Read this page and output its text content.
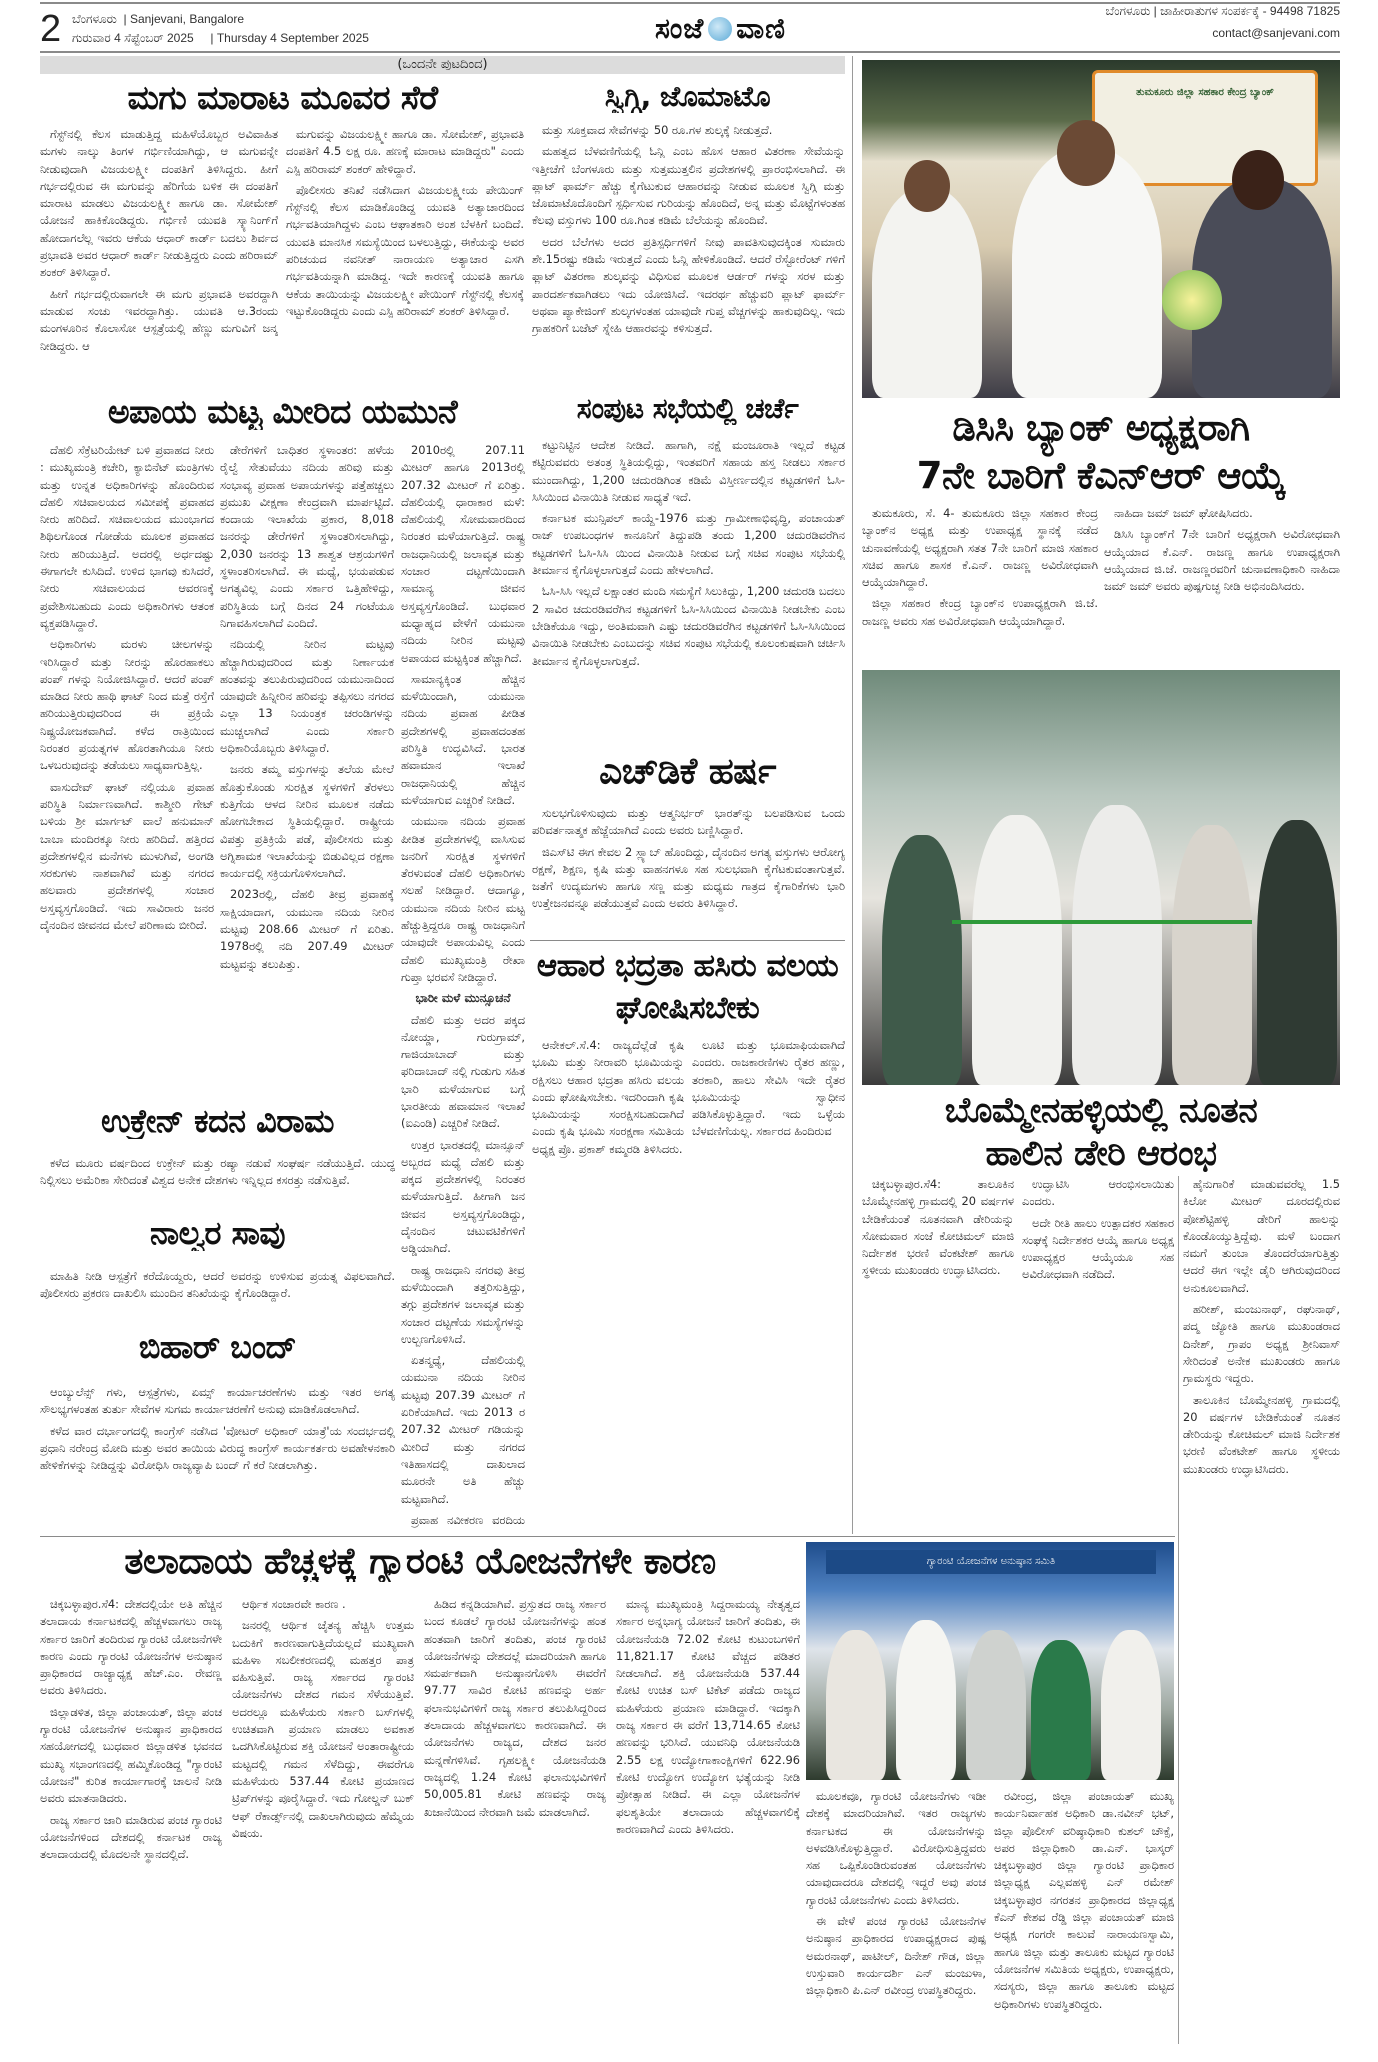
2 ಬೆಂಗಳೂರು | Sanjevani, Bangalore
ಗುರುವಾರ 4 ಸೆಪ್ಟೆಂಬರ್ 2025 | Thursday 4 September 2025	ಸಂಜೆ ವಾಣಿ
ಬೆಂಗಳೂರು | ಜಾಹೀರಾತುಗಳ ಸಂಪರ್ಕಕ್ಕೆ - 94498 71825
contact@sanjevani.com
(ಒಂದನೇ ಪುಟದಿಂದ)
ಮಗು ಮಾರಾಟ ಮೂವರ ಸೆರೆ

ಗೆಸ್ಟ್‌ನಲ್ಲಿ ಕೆಲಸ ಮಾಡುತ್ತಿದ್ದ ಮಹಿಳೆಯೊಬ್ಬರ ಅವಿವಾಹಿತ ಮಗಳು ನಾಲ್ಕು ತಿಂಗಳ ಗರ್ಭಿಣಿಯಾಗಿದ್ದು, ಆ ಮಗುವನ್ನೇ ನೀಡುವುದಾಗಿ ವಿಜಯಲಕ್ಷ್ಮೀ ದಂಪತಿಗೆ ತಿಳಿಸಿದ್ದರು. ಹೀಗೆ ಗರ್ಭದಲ್ಲಿರುವ ಈ ಮಗುವನ್ನು ಹೆರಿಗೆಯ ಬಳಿಕ ಈ ದಂಪತಿಗೆ ಮಾರಾಟ ಮಾಡಲು ವಿಜಯಲಕ್ಷ್ಮೀ ಹಾಗೂ ಡಾ. ಸೋಮೇಶ್ ಯೋಜನೆ ಹಾಕಿಕೊಂಡಿದ್ದರು. ಗರ್ಭಿಣಿ ಯುವತಿ ಸ್ಕ್ಯಾನಿಂಗ್‌ಗೆ ಹೋದಾಗಲೆಲ್ಲ ಇವರು ಆಕೆಯ ಆಧಾರ್ ಕಾರ್ಡ್ ಬದಲು ಶಿರ್ವದ ಪ್ರಭಾವತಿ ಅವರ ಆಧಾರ್ ಕಾರ್ಡ್ ನೀಡುತ್ತಿದ್ದರು ಎಂದು ಹರಿರಾಮ್ ಶಂಕರ್ ತಿಳಿಸಿದ್ದಾರೆ.

ಹೀಗೆ ಗರ್ಭದಲ್ಲಿರುವಾಗಲೇ ಈ ಮಗು ಪ್ರಭಾವತಿ ಅವರದ್ದಾಗಿ ಮಾಡುವ ಸಂಚು ಇವರದ್ದಾಗಿತ್ತು. ಯುವತಿ ಆ.3ರಂದು ಮಂಗಳೂರಿನ ಕೊಲಾಸೋ ಆಸ್ಪತ್ರೆಯಲ್ಲಿ ಹೆಣ್ಣು ಮಗುವಿಗೆ ಜನ್ಮ ನೀಡಿದ್ದರು. ಆ

ಮಗುವನ್ನು ವಿಜಯಲಕ್ಷ್ಮೀ ಹಾಗೂ ಡಾ. ಸೋಮೇಶ್, ಪ್ರಭಾವತಿ ದಂಪತಿಗೆ 4.5 ಲಕ್ಷ ರೂ. ಹಣಕ್ಕೆ ಮಾರಾಟ ಮಾಡಿದ್ದರು" ಎಂದು ಎಸ್ಪಿ ಹರಿರಾಮ್ ಶಂಕರ್ ಹೇಳಿದ್ದಾರೆ.

ಪೊಲೀಸರು ತನಿಖೆ ನಡೆಸಿದಾಗ ವಿಜಯಲಕ್ಷ್ಮೀಯ ಪೇಯಿಂಗ್ ಗೆಸ್ಟ್‌ನಲ್ಲಿ ಕೆಲಸ ಮಾಡಿಕೊಂಡಿದ್ದ ಯುವತಿ ಅತ್ಯಾಚಾರದಿಂದ ಗರ್ಭವತಿಯಾಗಿದ್ದಳು ಎಂಬ ಆಘಾತಕಾರಿ ಅಂಶ ಬೆಳಕಿಗೆ ಬಂದಿದೆ. ಯುವತಿ ಮಾನಸಿಕ ಸಮಸ್ಯೆಯಿಂದ ಬಳಲುತ್ತಿದ್ದು, ಈಕೆಯನ್ನು ಅವರ ಪರಿಚಯದ ನವನೀತ್ ನಾರಾಯಣ ಅತ್ಯಾಚಾರ ಎಸಗಿ ಗರ್ಭವತಿಯನ್ನಾಗಿ ಮಾಡಿದ್ದ. ಇದೇ ಕಾರಣಕ್ಕೆ ಯುವತಿ ಹಾಗೂ ಆಕೆಯ ತಾಯಿಯನ್ನು ವಿಜಯಲಕ್ಷ್ಮೀ ಪೇಯಿಂಗ್ ಗೆಸ್ಟ್‌ನಲ್ಲಿ ಕೆಲಸಕ್ಕೆ ಇಟ್ಟುಕೊಂಡಿದ್ದರು ಎಂದು ಎಸ್ಪಿ ಹರಿರಾಮ್ ಶಂಕರ್ ತಿಳಿಸಿದ್ದಾರೆ.

ಸ್ವಿಗ್ಗಿ, ಜೊಮಾಟೊ

ಮತ್ತು ಸೂಕ್ತವಾದ ಸೇವೆಗಳನ್ನು 50 ರೂ.ಗಳ ಶುಲ್ಕಕ್ಕೆ ನೀಡುತ್ತದೆ.

ಮಹತ್ವದ ಬೆಳವಣಿಗೆಯಲ್ಲಿ ಓನ್ಲಿ ಎಂಬ ಹೊಸ ಆಹಾರ ವಿತರಣಾ ಸೇವೆಯನ್ನು ಇತ್ತೀಚೆಗೆ ಬೆಂಗಳೂರು ಮತ್ತು ಸುತ್ತಮುತ್ತಲಿನ ಪ್ರದೇಶಗಳಲ್ಲಿ ಪ್ರಾರಂಭಿಸಲಾಗಿದೆ. ಈ ಪ್ಲಾಟ್ ಫಾರ್ಮ್ ಹೆಚ್ಚು ಕೈಗೆಟುಕುವ ಆಹಾರವನ್ನು ನೀಡುವ ಮೂಲಕ ಸ್ವಿಗ್ಗಿ ಮತ್ತು ಜೊಮಾಟೊದೊಂದಿಗೆ ಸ್ಪರ್ಧಿಸುವ ಗುರಿಯನ್ನು ಹೊಂದಿದೆ, ಅನ್ನ ಮತ್ತು ಮೊಟ್ಟೆಗಳಂತಹ ಕೆಲವು ವಸ್ತುಗಳು 100 ರೂ.ಗಿಂತ ಕಡಿಮೆ ಬೆಲೆಯನ್ನು ಹೊಂದಿವೆ.

ಅದರ ಬೆಲೆಗಳು ಅದರ ಪ್ರತಿಸ್ಪರ್ಧಿಗಳಿಗೆ ನೀವು ಪಾವತಿಸುವುದಕ್ಕಿಂತ ಸುಮಾರು ಶೇ.15ರಷ್ಟು ಕಡಿಮೆ ಇರುತ್ತದೆ ಎಂದು ಓನ್ಲಿ ಹೇಳಿಕೊಂಡಿದೆ. ಆದರೆ ರೆಸ್ಟೋರೆಂಟ್ ಗಳಿಗೆ ಫ್ಲಾಟ್ ವಿತರಣಾ ಶುಲ್ಕವನ್ನು ವಿಧಿಸುವ ಮೂಲಕ ಆರ್ಡರ್ ಗಳನ್ನು ಸರಳ ಮತ್ತು ಪಾರದರ್ಶಕವಾಗಿಡಲು ಇದು ಯೋಜಿಸಿದೆ. ಇದರರ್ಥ ಹೆಚ್ಚುವರಿ ಪ್ಲಾಟ್ ಫಾರ್ಮ್ ಅಥವಾ ಪ್ಯಾಕೇಜಿಂಗ್ ಶುಲ್ಕಗಳಂತಹ ಯಾವುದೇ ಗುಪ್ತ ವೆಚ್ಚಗಳನ್ನು ಹಾಕುವುದಿಲ್ಲ. ಇದು ಗ್ರಾಹಕರಿಗೆ ಬಜೆಟ್ ಸ್ನೇಹಿ ಆಹಾರವನ್ನು ಕಳಿಸುತ್ತದೆ.

ಅಪಾಯ ಮಟ್ಟ ಮೀರಿದ ಯಮುನೆ

ದೆಹಲಿ ಸೆಕ್ರೆಟರಿಯೇಟ್ ಬಳಿ ಪ್ರವಾಹದ ನೀರು : ಮುಖ್ಯಮಂತ್ರಿ ಕಚೇರಿ, ಕ್ಯಾಬಿನೆಟ್ ಮಂತ್ರಿಗಳು ಮತ್ತು ಉನ್ನತ ಅಧಿಕಾರಿಗಳನ್ನು ಹೊಂದಿರುವ ದೆಹಲಿ ಸಚಿವಾಲಯದ ಸಮೀಪಕ್ಕೆ ಪ್ರವಾಹದ ನೀರು ಹರಿದಿದೆ. ಸಚಿವಾಲಯದ ಮುಂಭಾಗದ ಶಿಥಿಲಗೊಂಡ ಗೋಡೆಯ ಮೂಲಕ ಪ್ರವಾಹದ ನೀರು ಹರಿಯುತ್ತಿದೆ. ಅದರಲ್ಲಿ ಅರ್ಧದಷ್ಟು ಈಗಾಗಲೇ ಕುಸಿದಿದೆ. ಉಳಿದ ಭಾಗವು ಕುಸಿದರೆ, ನೀರು ಸಚಿವಾಲಯದ ಆವರಣಕ್ಕೆ ಪ್ರವೇಶಿಸಬಹುದು ಎಂದು ಅಧಿಕಾರಿಗಳು ಆತಂಕ ವ್ಯಕ್ತಪಡಿಸಿದ್ದಾರೆ.

ಅಧಿಕಾರಿಗಳು ಮರಳು ಚೀಲಗಳನ್ನು ಇರಿಸಿದ್ದಾರೆ ಮತ್ತು ನೀರನ್ನು ಹೊರಹಾಕಲು ಪಂಪ್ ಗಳನ್ನು ನಿಯೋಜಿಸಿದ್ದಾರೆ. ಆದರೆ ಪಂಪ್ ಮಾಡಿದ ನೀರು ಹಾಥಿ ಘಾಟ್ ನಿಂದ ಮತ್ತೆ ರಸ್ತೆಗೆ ಹರಿಯುತ್ತಿರುವುದರಿಂದ ಈ ಪ್ರಕ್ರಿಯೆ ನಿಷ್ಪ್ರಯೋಜಕವಾಗಿದೆ. ಕಳೆದ ರಾತ್ರಿಯಿಂದ ನಿರಂತರ ಪ್ರಯತ್ನಗಳ ಹೊರತಾಗಿಯೂ ನೀರು ಒಳಬರುವುದನ್ನು ತಡೆಯಲು ಸಾಧ್ಯವಾಗುತ್ತಿಲ್ಲ.

ವಾಸುದೇವ್ ಘಾಟ್ ನಲ್ಲಿಯೂ ಪ್ರವಾಹ ಪರಿಸ್ಥಿತಿ ನಿರ್ಮಾಣವಾಗಿದೆ. ಕಾಶ್ಮೀರಿ ಗೇಟ್ ಬಳಿಯ ಶ್ರೀ ಮಾರ್ಗಟ್ ವಾಲೆ ಹನುಮಾನ್ ಬಾಬಾ ಮಂದಿರಕ್ಕೂ ನೀರು ಹರಿದಿದೆ. ಹತ್ತಿರದ ಪ್ರದೇಶಗಳಲ್ಲಿನ ಮನೆಗಳು ಮುಳುಗಿವೆ, ಅಂಗಡಿ ಸರಕುಗಳು ನಾಶವಾಗಿವೆ ಮತ್ತು ನಗರದ ಹಲವಾರು ಪ್ರದೇಶಗಳಲ್ಲಿ ಸಂಚಾರ ಅಸ್ತವ್ಯಸ್ತಗೊಂಡಿದೆ. ಇದು ಸಾವಿರಾರು ಜನರ ದೈನಂದಿನ ಜೀವನದ ಮೇಲೆ ಪರಿಣಾಮ ಬೀರಿದೆ.

ಡೇರೆಗಳಿಗೆ ಬಾಧಿತರ ಸ್ಥಳಾಂತರ: ಹಳೆಯ ರೈಲ್ವೆ ಸೇತುವೆಯು ನದಿಯ ಹರಿವು ಮತ್ತು ಸಂಭಾವ್ಯ ಪ್ರವಾಹ ಅಪಾಯಗಳನ್ನು ಪತ್ತೆಹಚ್ಚಲು ಪ್ರಮುಖ ವೀಕ್ಷಣಾ ಕೇಂದ್ರವಾಗಿ ಮಾರ್ಪಟ್ಟಿದೆ. ಕಂದಾಯ ಇಲಾಖೆಯ ಪ್ರಕಾರ, 8,018 ಜನರನ್ನು ಡೇರೆಗಳಿಗೆ ಸ್ಥಳಾಂತರಿಸಲಾಗಿದ್ದು, 2,030 ಜನರನ್ನು 13 ಶಾಶ್ವತ ಆಶ್ರಯಗಳಿಗೆ ಸ್ಥಳಾಂತರಿಸಲಾಗಿದೆ. ಈ ಮಧ್ಯೆ, ಭಯಪಡುವ ಅಗತ್ಯವಿಲ್ಲ ಎಂದು ಸರ್ಕಾರ ಒತ್ತಿಹೇಳಿದ್ದು, ಪರಿಸ್ಥಿತಿಯ ಬಗ್ಗೆ ದಿನದ 24 ಗಂಟೆಯೂ ನಿಗಾವಹಿಸಲಾಗಿದೆ ಎಂದಿದೆ.

ನದಿಯಲ್ಲಿ ನೀರಿನ ಮಟ್ಟವು ಹೆಚ್ಚಾಗಿರುವುದರಿಂದ ಮತ್ತು ನಿರ್ಣಾಯಕ ಹಂತವನ್ನು ತಲುಪಿರುವುದರಿಂದ ಯಮುನಾದಿಂದ ಯಾವುದೇ ಹಿನ್ನೀರಿನ ಹರಿವನ್ನು ತಪ್ಪಿಸಲು ನಗರದ ಎಲ್ಲಾ 13 ನಿಯಂತ್ರಕ ಚರಂಡಿಗಳನ್ನು ಮುಚ್ಚಲಾಗಿದೆ ಎಂದು ಸರ್ಕಾರಿ ಅಧಿಕಾರಿಯೊಬ್ಬರು ತಿಳಿಸಿದ್ದಾರೆ.

ಜನರು ತಮ್ಮ ವಸ್ತುಗಳನ್ನು ತಲೆಯ ಮೇಲೆ ಹೊತ್ತುಕೊಂಡು ಸುರಕ್ಷಿತ ಸ್ಥಳಗಳಿಗೆ ತೆರಳಲು ಕುತ್ತಿಗೆಯ ಆಳದ ನೀರಿನ ಮೂಲಕ ನಡೆದು ಹೋಗಬೇಕಾದ ಸ್ಥಿತಿಯಲ್ಲಿದ್ದಾರೆ. ರಾಷ್ಟ್ರೀಯ ವಿಪತ್ತು ಪ್ರತಿಕ್ರಿಯೆ ಪಡೆ, ಪೊಲೀಸರು ಮತ್ತು ಅಗ್ನಿಶಾಮಕ ಇಲಾಖೆಯನ್ನು ಬಿಡುವಿಲ್ಲದ ರಕ್ಷಣಾ ಕಾರ್ಯದಲ್ಲಿ ಸಕ್ರಿಯಗೊಳಿಸಲಾಗಿದೆ.

2023ರಲ್ಲಿ, ದೆಹಲಿ ತೀವ್ರ ಪ್ರವಾಹಕ್ಕೆ ಸಾಕ್ಷಿಯಾದಾಗ, ಯಮುನಾ ನದಿಯ ನೀರಿನ ಮಟ್ಟವು 208.66 ಮೀಟರ್ ಗೆ ಏರಿತು. 1978ರಲ್ಲಿ ನದಿ 207.49 ಮೀಟರ್ ಮಟ್ಟವನ್ನು ತಲುಪಿತ್ತು.

2010ರಲ್ಲಿ 207.11 ಮೀಟರ್ ಹಾಗೂ 2013ರಲ್ಲಿ 207.32 ಮೀಟರ್ ಗೆ ಏರಿತ್ತು. ದೆಹಲಿಯಲ್ಲಿ ಧಾರಾಕಾರ ಮಳೆ: ದೆಹಲಿಯಲ್ಲಿ ಸೋಮವಾರದಿಂದ ನಿರಂತರ ಮಳೆಯಾಗುತ್ತಿದೆ. ರಾಷ್ಟ್ರ ರಾಜಧಾನಿಯಲ್ಲಿ ಜಲಾವೃತ ಮತ್ತು ಸಂಚಾರ ದಟ್ಟಣೆಯಿಂದಾಗಿ ಸಾಮಾನ್ಯ ಜೀವನ ಅಸ್ತವ್ಯಸ್ತಗೊಂಡಿದೆ. ಬುಧವಾರ ಮಧ್ಯಾಹ್ನದ ವೇಳೆಗೆ ಯಮುನಾ ನದಿಯ ನೀರಿನ ಮಟ್ಟವು ಅಪಾಯದ ಮಟ್ಟಕ್ಕಿಂತ ಹೆಚ್ಚಾಗಿದೆ.

ಸಾಮಾನ್ಯಕ್ಕಿಂತ ಹೆಚ್ಚಿನ ಮಳೆಯಿಂದಾಗಿ, ಯಮುನಾ ನದಿಯ ಪ್ರವಾಹ ಪೀಡಿತ ಪ್ರದೇಶಗಳಲ್ಲಿ ಪ್ರವಾಹದಂತಹ ಪರಿಸ್ಥಿತಿ ಉದ್ಭವಿಸಿದೆ. ಭಾರತ ಹವಾಮಾನ ಇಲಾಖೆ ರಾಜಧಾನಿಯಲ್ಲಿ ಹೆಚ್ಚಿನ ಮಳೆಯಾಗುವ ಎಚ್ಚರಿಕೆ ನೀಡಿದೆ.

ಯಮುನಾ ನದಿಯ ಪ್ರವಾಹ ಪೀಡಿತ ಪ್ರದೇಶಗಳಲ್ಲಿ ವಾಸಿಸುವ ಜನರಿಗೆ ಸುರಕ್ಷಿತ ಸ್ಥಳಗಳಿಗೆ ತೆರಳುವಂತೆ ದೆಹಲಿ ಅಧಿಕಾರಿಗಳು ಸಲಹೆ ನೀಡಿದ್ದಾರೆ. ಆದಾಗ್ಯೂ, ಯಮುನಾ ನದಿಯ ನೀರಿನ ಮಟ್ಟ ಹೆಚ್ಚುತ್ತಿದ್ದರೂ ರಾಷ್ಟ್ರ ರಾಜಧಾನಿಗೆ ಯಾವುದೇ ಅಪಾಯವಿಲ್ಲ ಎಂದು ದೆಹಲಿ ಮುಖ್ಯಮಂತ್ರಿ ರೇಖಾ ಗುಪ್ತಾ ಭರವಸೆ ನೀಡಿದ್ದಾರೆ.

ಭಾರೀ ಮಳೆ ಮುನ್ಸೂಚನೆ

ದೆಹಲಿ ಮತ್ತು ಅದರ ಪಕ್ಕದ ನೋಯ್ಡಾ, ಗುರುಗ್ರಾಮ್, ಗಾಜಿಯಾಬಾದ್ ಮತ್ತು ಫರಿದಾಬಾದ್ ನಲ್ಲಿ ಗುಡುಗು ಸಹಿತ ಭಾರಿ ಮಳೆಯಾಗುವ ಬಗ್ಗೆ ಭಾರತೀಯ ಹವಾಮಾನ ಇಲಾಖೆ (ಐಎಂಡಿ) ಎಚ್ಚರಿಕೆ ನೀಡಿದೆ.

ಉತ್ತರ ಭಾರತದಲ್ಲಿ ಮಾನ್ಸೂನ್ ಅಬ್ಬರದ ಮಧ್ಯೆ ದೆಹಲಿ ಮತ್ತು ಪಕ್ಕದ ಪ್ರದೇಶಗಳಲ್ಲಿ ನಿರಂತರ ಮಳೆಯಾಗುತ್ತಿದೆ. ಹೀಗಾಗಿ ಜನ ಜೀವನ ಅಸ್ತವ್ಯಸ್ತಗೊಂಡಿದ್ದು, ದೈನಂದಿನ ಚಟುವಟಿಕೆಗಳಿಗೆ ಅಡ್ಡಿಯಾಗಿದೆ.

ರಾಷ್ಟ್ರ ರಾಜಧಾನಿ ನಗರವು ತೀವ್ರ ಮಳೆಯಿಂದಾಗಿ ತತ್ತರಿಸುತ್ತಿದ್ದು, ತಗ್ಗು ಪ್ರದೇಶಗಳ ಜಲಾವೃತ ಮತ್ತು ಸಂಚಾರ ದಟ್ಟಣೆಯ ಸಮಸ್ಯೆಗಳನ್ನು ಉಲ್ಬಣಗೊಳಿಸಿದೆ.

ಏತನ್ಮಧ್ಯೆ, ದೆಹಲಿಯಲ್ಲಿ ಯಮುನಾ ನದಿಯ ನೀರಿನ ಮಟ್ಟವು 207.39 ಮೀಟರ್ ಗೆ ಏರಿಕೆಯಾಗಿದೆ. ಇದು 2013 ರ 207.32 ಮೀಟರ್ ಗಡಿಯನ್ನು ಮೀರಿದೆ ಮತ್ತು ನಗರದ ಇತಿಹಾಸದಲ್ಲಿ ದಾಖಲಾದ ಮೂರನೇ ಅತಿ ಹೆಚ್ಚು ಮಟ್ಟವಾಗಿದೆ.

ಪ್ರವಾಹ ನವೀಕರಣ ವರದಿಯ

ಉಕ್ರೇನ್ ಕದನ ವಿರಾಮ

ಕಳೆದ ಮೂರು ವರ್ಷದಿಂದ ಉಕ್ರೇನ್ ಮತ್ತು ರಷ್ಯಾ ನಡುವೆ ಸಂಘರ್ಷ ನಡೆಯುತ್ತಿದೆ. ಯುದ್ಧ ನಿಲ್ಲಿಸಲು ಅಮೆರಿಕಾ ಸೇರಿದಂತೆ ವಿಶ್ವದ ಅನೇಕ ದೇಶಗಳು ಇನ್ನಿಲ್ಲದ ಕಸರತ್ತು ನಡೆಸುತ್ತಿವೆ.

ನಾಲ್ವರ ಸಾವು

ಮಾಹಿತಿ ನೀಡಿ ಆಸ್ಪತ್ರೆಗೆ ಕರೆದೊಯ್ದರು, ಆದರೆ ಅವರನ್ನು ಉಳಿಸುವ ಪ್ರಯತ್ನ ವಿಫಲವಾಗಿದೆ. ಪೊಲೀಸರು ಪ್ರಕರಣ ದಾಖಲಿಸಿ ಮುಂದಿನ ತನಿಖೆಯನ್ನು ಕೈಗೊಂಡಿದ್ದಾರೆ.

ಬಿಹಾರ್ ಬಂದ್

ಆಂಬ್ಯುಲೆನ್ಸ್ ಗಳು, ಆಸ್ಪತ್ರೆಗಳು, ಏಮ್ಸ್ ಕಾರ್ಯಾಚರಣೆಗಳು ಮತ್ತು ಇತರ ಅಗತ್ಯ ಸೌಲಭ್ಯಗಳಂತಹ ತುರ್ತು ಸೇವೆಗಳ ಸುಗಮ ಕಾರ್ಯಾಚರಣೆಗೆ ಅನುವು ಮಾಡಿಕೊಡಲಾಗಿದೆ.

ಕಳೆದ ವಾರ ದರ್ಭಾಂಗದಲ್ಲಿ ಕಾಂಗ್ರೆಸ್ ನಡೆಸಿದ 'ವೋಟರ್ ಅಧಿಕಾರ್ ಯಾತ್ರೆ'ಯ ಸಂದರ್ಭದಲ್ಲಿ ಪ್ರಧಾನಿ ನರೇಂದ್ರ ಮೋದಿ ಮತ್ತು ಅವರ ತಾಯಿಯ ವಿರುದ್ಧ ಕಾಂಗ್ರೆಸ್ ಕಾರ್ಯಕರ್ತರು ಅವಹೇಳನಕಾರಿ ಹೇಳಿಕೆಗಳನ್ನು ನೀಡಿದ್ದನ್ನು ವಿರೋಧಿಸಿ ರಾಜ್ಯವ್ಯಾಪಿ ಬಂದ್ ಗೆ ಕರೆ ನೀಡಲಾಗಿತ್ತು.

ಸಂಪುಟ ಸಭೆಯಲ್ಲಿ ಚರ್ಚೆ

ಕಟ್ಟುನಿಟ್ಟಿನ ಆದೇಶ ನೀಡಿದೆ. ಹಾಗಾಗಿ, ನಕ್ಷೆ ಮಂಜೂರಾತಿ ಇಲ್ಲದೆ ಕಟ್ಟಡ ಕಟ್ಟಿರುವವರು ಅತಂತ್ರ ಸ್ಥಿತಿಯಲ್ಲಿದ್ದು, ಇಂತವರಿಗೆ ಸಹಾಯ ಹಸ್ತ ನೀಡಲು ಸರ್ಕಾರ ಮುಂದಾಗಿದ್ದು, 1,200 ಚದುರಡಿಗಿಂತ ಕಡಿಮೆ ವಿಸ್ತೀರ್ಣದಲ್ಲಿನ ಕಟ್ಟಡಗಳಿಗೆ ಓಸಿ-ಸಿಸಿಯಿಂದ ವಿನಾಯಿತಿ ನೀಡುವ ಸಾಧ್ಯತೆ ಇದೆ.

ಕರ್ನಾಟಕ ಮುನ್ಸಿಪಲ್ ಕಾಯ್ದೆ-1976 ಮತ್ತು ಗ್ರಾಮೀಣಾಭಿವೃದ್ಧಿ, ಪಂಚಾಯತ್ ರಾಜ್ ಉಪಬಂಧಗಳ ಕಾನೂನಿಗೆ ತಿದ್ದುಪಡಿ ತಂದು 1,200 ಚದುರಡಿವರೆಗಿನ ಕಟ್ಟಡಗಳಿಗೆ ಓಸಿ-ಸಿಸಿ ಯಿಂದ ವಿನಾಯಿತಿ ನೀಡುವ ಬಗ್ಗೆ ಸಚಿವ ಸಂಪುಟ ಸಭೆಯಲ್ಲಿ ತೀರ್ಮಾನ ಕೈಗೊಳ್ಳಲಾಗುತ್ತದೆ ಎಂದು ಹೇಳಲಾಗಿದೆ.

ಓಸಿ-ಸಿಸಿ ಇಲ್ಲದೆ ಲಕ್ಷಾಂತರ ಮಂದಿ ಸಮಸ್ಯೆಗೆ ಸಿಲುಕಿದ್ದು, 1,200 ಚದುರಡಿ ಬದಲು 2 ಸಾವಿರ ಚದುರಡಿವರೆಗಿನ ಕಟ್ಟಡಗಳಿಗೆ ಓಸಿ-ಸಿಸಿಯಿಂದ ವಿನಾಯಿತಿ ನೀಡಬೇಕು ಎಂಬ ಬೇಡಿಕೆಯೂ ಇದ್ದು, ಅಂತಿಮವಾಗಿ ಎಷ್ಟು ಚದುರಡಿವರೆಗಿನ ಕಟ್ಟಡಗಳಿಗೆ ಓಸಿ-ಸಿಸಿಯಿಂದ ವಿನಾಯಿತಿ ನೀಡಬೇಕು ಎಂಬುದನ್ನು ಸಚಿವ ಸಂಪುಟ ಸಭೆಯಲ್ಲಿ ಕೂಲಂಕುಷವಾಗಿ ಚರ್ಚಿಸಿ ತೀರ್ಮಾನ ಕೈಗೊಳ್ಳಲಾಗುತ್ತದೆ.

ಎಚ್‌ಡಿಕೆ ಹರ್ಷ

ಸುಲಭಗೊಳಿಸುವುದು ಮತ್ತು ಆತ್ಮನಿರ್ಭರ್ ಭಾರತ್‌ನ್ನು ಬಲಪಡಿಸುವ ಒಂದು ಪರಿವರ್ತನಾತ್ಮಕ ಹೆಜ್ಜೆಯಾಗಿದೆ ಎಂದು ಅವರು ಬಣ್ಣಿಸಿದ್ದಾರೆ.

ಜಿಎಸ್‌ಟಿ ಈಗ ಕೇವಲ 2 ಸ್ಲ್ಯಾಬ್ ಹೊಂದಿದ್ದು, ದೈನಂದಿನ ಅಗತ್ಯ ವಸ್ತುಗಳು ಆರೋಗ್ಯ ರಕ್ಷಣೆ, ಶಿಕ್ಷಣ, ಕೃಷಿ ಮತ್ತು ವಾಹನಗಳೂ ಸಹ ಸುಲಭವಾಗಿ ಕೈಗೆಟಕುವಂತಾಗುತ್ತವೆ. ಜತೆಗೆ ಉದ್ಯಮಗಳು ಹಾಗೂ ಸಣ್ಣ ಮತ್ತು ಮಧ್ಯಮ ಗಾತ್ರದ ಕೈಗಾರಿಕೆಗಳು ಭಾರಿ ಉತ್ತೇಜನವನ್ನೂ ಪಡೆಯುತ್ತವೆ ಎಂದು ಅವರು ತಿಳಿಸಿದ್ದಾರೆ.

ಆಹಾರ ಭದ್ರತಾ ಹಸಿರು ವಲಯ ಘೋಷಿಸಬೇಕು

ಆನೇಕಲ್.ಸೆ.4: ರಾಜ್ಯದೆಲ್ಲೆಡೆ ಕೃಷಿ ಭೂಮಿ ಮತ್ತು ನೀರಾವರಿ ಭೂಮಿಯನ್ನು ರಕ್ಷಿಸಲು ಆಹಾರ ಭದ್ರತಾ ಹಸಿರು ವಲಯ ಎಂದು ಘೋಷಿಸಬೇಕು. ಇದರಿಂದಾಗಿ ಕೃಷಿ ಭೂಮಿಯನ್ನು ಸಂರಕ್ಷಿಸಬಹುದಾಗಿದೆ ಎಂದು ಕೃಷಿ ಭೂಮಿ ಸಂರಕ್ಷಣಾ ಸಮಿತಿಯ ಅಧ್ಯಕ್ಷ ಪ್ರೊ. ಪ್ರಕಾಶ್ ಕಮ್ಮರಡಿ ತಿಳಿಸಿದರು.

ಲೂಟಿ ಮತ್ತು ಭೂಮಾಫಿಯವಾಗಿದೆ ಎಂದರು. ರಾಜಕಾರಣಿಗಳು ರೈತರ ಹಣ್ಣು, ತರಕಾರಿ, ಹಾಲು ಸೇವಿಸಿ ಇದೇ ರೈತರ ಭೂಮಿಯನ್ನು ಸ್ವಾಧೀನ ಪಡಿಸಿಕೊಳ್ಳುತ್ತಿದ್ದಾರೆ. ಇದು ಒಳ್ಳೆಯ ಬೆಳವಣಿಗೆಯಲ್ಲ. ಸರ್ಕಾರದ ಹಿಂದಿರುವ

ತುಮಕೂರು ಜಿಲ್ಲಾ ಸಹಕಾರ ಕೇಂದ್ರ ಬ್ಯಾಂಕ್
ಡಿಸಿಸಿ ಬ್ಯಾಂಕ್ ಅಧ್ಯಕ್ಷರಾಗಿ
7ನೇ ಬಾರಿಗೆ ಕೆಎನ್‌ಆರ್ ಆಯ್ಕೆ

ತುಮಕೂರು, ಸೆ. 4- ತುಮಕೂರು ಜಿಲ್ಲಾ ಸಹಕಾರ ಕೇಂದ್ರ ಬ್ಯಾಂಕ್‌ನ ಅಧ್ಯಕ್ಷ ಮತ್ತು ಉಪಾಧ್ಯಕ್ಷ ಸ್ಥಾನಕ್ಕೆ ನಡೆದ ಚುನಾವಣೆಯಲ್ಲಿ ಅಧ್ಯಕ್ಷರಾಗಿ ಸತತ 7ನೇ ಬಾರಿಗೆ ಮಾಜಿ ಸಹಕಾರ ಸಚಿವ ಹಾಗೂ ಶಾಸಕ ಕೆ.ಎನ್. ರಾಜಣ್ಣ ಅವಿರೋಧವಾಗಿ ಆಯ್ಕೆಯಾಗಿದ್ದಾರೆ.

ಜಿಲ್ಲಾ ಸಹಕಾರ ಕೇಂದ್ರ ಬ್ಯಾಂಕ್‌ನ ಉಪಾಧ್ಯಕ್ಷರಾಗಿ ಜಿ.ಜೆ. ರಾಜಣ್ಣ ಅವರು ಸಹ ಅವಿರೋಧವಾಗಿ ಆಯ್ಕೆಯಾಗಿದ್ದಾರೆ.

ನಾಹಿದಾ ಜಮ್ ಜಮ್ ಘೋಷಿಸಿದರು.

ಡಿಸಿಸಿ ಬ್ಯಾಂಕ್‌ಗೆ 7ನೇ ಬಾರಿಗೆ ಅಧ್ಯಕ್ಷರಾಗಿ ಅವಿರೋಧವಾಗಿ ಆಯ್ಕೆಯಾದ ಕೆ.ಎನ್. ರಾಜಣ್ಣ ಹಾಗೂ ಉಪಾಧ್ಯಕ್ಷರಾಗಿ ಆಯ್ಕೆಯಾದ ಜಿ.ಜೆ. ರಾಜಣ್ಣರವರಿಗೆ ಚುನಾವಣಾಧಿಕಾರಿ ನಾಹಿದಾ ಜಮ್ ಜಮ್ ಅವರು ಪುಷ್ಪಗುಚ್ಛ ನೀಡಿ ಅಭಿನಂದಿಸಿದರು.

ಬೊಮ್ಮೇನಹಳ್ಳಿಯಲ್ಲಿ ನೂತನ
ಹಾಲಿನ ಡೇರಿ ಆರಂಭ

ಚಿಕ್ಕಬಳ್ಳಾಪುರ.ಸೆ4: ತಾಲೂಕಿನ ಬೊಮ್ಮೇನಹಳ್ಳಿ ಗ್ರಾಮದಲ್ಲಿ 20 ವರ್ಷಗಳ ಬೇಡಿಕೆಯಂತೆ ನೂತನವಾಗಿ ಡೇರಿಯನ್ನು ಸೋಮವಾರ ಸಂಜೆ ಕೋಚಿಮಲ್ ಮಾಜಿ ನಿರ್ದೇಶಕ ಭರಣಿ ವೆಂಕಟೇಶ್ ಹಾಗೂ ಸ್ಥಳೀಯ ಮುಖಂಡರು ಉದ್ಘಾಟಿಸಿದರು.

ಉದ್ಘಾಟಿಸಿ ಆರಂಭಿಸಲಾಯಿತು ಎಂದರು.

ಅದೇ ರೀತಿ ಹಾಲು ಉತ್ಪಾದಕರ ಸಹಕಾರ ಸಂಘಕ್ಕೆ ನಿರ್ದೇಶಕರ ಆಯ್ಕೆ ಹಾಗೂ ಅಧ್ಯಕ್ಷ ಉಪಾಧ್ಯಕ್ಷರ ಆಯ್ಕೆಯೂ ಸಹ ಅವಿರೋಧವಾಗಿ ನಡೆದಿದೆ.

ಹೈನುಗಾರಿಕೆ ಮಾಡುವವರೆಲ್ಲ 1.5 ಕಿಲೋ ಮೀಟರ್ ದೂರದಲ್ಲಿರುವ ಪೋಶೆಟ್ಟಿಹಳ್ಳಿ ಡೇರಿಗೆ ಹಾಲನ್ನು ಕೊಂಡೊಯ್ಯುತ್ತಿದ್ದೆವು. ಮಳೆ ಬಂದಾಗ ನಮಗೆ ತುಂಬಾ ತೊಂದರೆಯಾಗುತ್ತಿತ್ತು ಆದರೆ ಈಗ ಇಲ್ಲೇ ಡೈರಿ ಆಗಿರುವುದರಿಂದ ಅನುಕೂಲವಾಗಿದೆ.

ಹರೀಶ್, ಮಂಜುನಾಥ್, ರಘುನಾಥ್, ಪದ್ಮ ಜ್ಯೋತಿ ಹಾಗೂ ಮುಖಂಡರಾದ ದಿನೇಶ್, ಗ್ರಾಪಂ ಅಧ್ಯಕ್ಷ ಶ್ರೀನಿವಾಸ್ ಸೇರಿದಂತೆ ಅನೇಕ ಮುಖಂಡರು ಹಾಗೂ ಗ್ರಾಮಸ್ಥರು ಇದ್ದರು.

ತಾಲೂಕಿನ ಬೊಮ್ಮೇನಹಳ್ಳಿ ಗ್ರಾಮದಲ್ಲಿ 20 ವರ್ಷಗಳ ಬೇಡಿಕೆಯಂತೆ ನೂತನ ಡೇರಿಯನ್ನು ಕೋಚಿಮಲ್ ಮಾಜಿ ನಿರ್ದೇಶಕ ಭರಣಿ ವೆಂಕಟೇಶ್ ಹಾಗೂ ಸ್ಥಳೀಯ ಮುಖಂಡರು ಉದ್ಘಾಟಿಸಿದರು.

ತಲಾದಾಯ ಹೆಚ್ಚಳಕ್ಕೆ ಗ್ಯಾರಂಟಿ ಯೋಜನೆಗಳೇ ಕಾರಣ

ಚಿಕ್ಕಬಳ್ಳಾಪುರ.ಸೆ4: ದೇಶದಲ್ಲಿಯೇ ಅತಿ ಹೆಚ್ಚಿನ ತಲಾದಾಯ ಕರ್ನಾಟಕದಲ್ಲಿ ಹೆಚ್ಚಳವಾಗಲು ರಾಜ್ಯ ಸರ್ಕಾರ ಜಾರಿಗೆ ತಂದಿರುವ ಗ್ಯಾರಂಟಿ ಯೋಜನೆಗಳೇ ಕಾರಣ ಎಂದು ಗ್ಯಾರಂಟಿ ಯೋಜನೆಗಳ ಅನುಷ್ಠಾನ ಪ್ರಾಧಿಕಾರದ ರಾಜ್ಯಾಧ್ಯಕ್ಷ ಹೆಚ್.ಎಂ. ರೇವಣ್ಣ ಅವರು ತಿಳಿಸಿದರು.

ಜಿಲ್ಲಾಡಳಿತ, ಜಿಲ್ಲಾ ಪಂಚಾಯತ್, ಜಿಲ್ಲಾ ಪಂಚ ಗ್ಯಾರಂಟಿ ಯೋಜನೆಗಳ ಅನುಷ್ಠಾನ ಪ್ರಾಧಿಕಾರದ ಸಹಯೋಗದಲ್ಲಿ ಬುಧವಾರ ಜಿಲ್ಲಾಡಳಿತ ಭವನದ ಮುಖ್ಯ ಸಭಾಂಗಣದಲ್ಲಿ ಹಮ್ಮಿಕೊಂಡಿದ್ದ "ಗ್ಯಾರಂಟಿ ಯೋಜನೆ" ಕುರಿತ ಕಾರ್ಯಾಗಾರಕ್ಕೆ ಚಾಲನೆ ನೀಡಿ ಅವರು ಮಾತನಾಡಿದರು.

ರಾಜ್ಯ ಸರ್ಕಾರ ಜಾರಿ ಮಾಡಿರುವ ಪಂಚ ಗ್ಯಾರಂಟಿ ಯೋಜನೆಗಳಿಂದ ದೇಶದಲ್ಲಿ ಕರ್ನಾಟಕ ರಾಜ್ಯ ತಲಾದಾಯದಲ್ಲಿ ಮೊದಲನೇ ಸ್ಥಾನದಲ್ಲಿದೆ.

ಆರ್ಥಿಕ ಸಂಚಾರವೇ ಕಾರಣ .

ಜನರಲ್ಲಿ ಆರ್ಥಿಕ ಚೈತನ್ಯ ಹೆಚ್ಚಿಸಿ ಉತ್ತಮ ಬದುಕಿಗೆ ಕಾರಣವಾಗುತ್ತಿದೆಯಲ್ಲದೆ ಮುಖ್ಯವಾಗಿ ಮಹಿಳಾ ಸಬಲೀಕರಣದಲ್ಲಿ ಮಹತ್ತರ ಪಾತ್ರ ವಹಿಸುತ್ತಿವೆ. ರಾಜ್ಯ ಸರ್ಕಾರದ ಗ್ಯಾರಂಟಿ ಯೋಜನೆಗಳು ದೇಶದ ಗಮನ ಸೆಳೆಯುತ್ತಿವೆ. ಅದರಲ್ಲೂ ಮಹಿಳೆಯರು ಸರ್ಕಾರಿ ಬಸ್‌ಗಳಲ್ಲಿ ಉಚಿತವಾಗಿ ಪ್ರಯಾಣ ಮಾಡಲು ಅವಕಾಶ ಒದಗಿಸಿಕೊಟ್ಟಿರುವ ಶಕ್ತಿ ಯೋಜನೆ ಅಂತಾರಾಷ್ಟ್ರೀಯ ಮಟ್ಟದಲ್ಲಿ ಗಮನ ಸೆಳೆದಿದ್ದು, ಈವರೆಗೂ ಮಹಿಳೆಯರು 537.44 ಕೋಟಿ ಪ್ರಯಾಣದ ಟ್ರಿಪ್‌ಗಳನ್ನು ಪೂರೈಸಿದ್ದಾರೆ. ಇದು ಗೋಲ್ಡನ್ ಬುಕ್ ಆಫ್ ರೆಕಾರ್ಡ್ಸ್‌ನಲ್ಲಿ ದಾಖಲಾಗಿರುವುದು ಹೆಮ್ಮೆಯ ವಿಷಯ.

ಹಿಡಿದ ಕನ್ನಡಿಯಾಗಿವೆ. ಪ್ರಸ್ತುತದ ರಾಜ್ಯ ಸರ್ಕಾರ ಬಂದ ಕೂಡಲೆ ಗ್ಯಾರಂಟಿ ಯೋಜನೆಗಳನ್ನು ಹಂತ ಹಂತವಾಗಿ ಜಾರಿಗೆ ತಂದಿತು, ಪಂಚ ಗ್ಯಾರಂಟಿ ಯೋಜನೆಗಳನ್ನು ದೇಶದಲ್ಲೆ ಮಾದರಿಯಾಗಿ ಹಾಗೂ ಸಮರ್ಪಕವಾಗಿ ಅನುಷ್ಠಾನಗೊಳಿಸಿ ಈವರೆಗೆ 97.77 ಸಾವಿರ ಕೋಟಿ ಹಣವನ್ನು ಅರ್ಹ ಫಲಾನುಭವಿಗಳಿಗೆ ರಾಜ್ಯ ಸರ್ಕಾರ ತಲುಪಿಸಿದ್ದರಿಂದ ತಲಾದಾಯ ಹೆಚ್ಚಳವಾಗಲು ಕಾರಣವಾಗಿದೆ. ಈ ಯೋಜನೆಗಳು ರಾಜ್ಯದ, ದೇಶದ ಜನರ ಮನ್ನಣೆಗಳಿಸಿವೆ. ಗೃಹಲಕ್ಷ್ಮೀ ಯೋಜನೆಯಡಿ ರಾಜ್ಯದಲ್ಲಿ 1.24 ಕೋಟಿ ಫಲಾನುಭವಿಗಳಿಗೆ 50,005.81 ಕೋಟಿ ಹಣವನ್ನು ರಾಜ್ಯ ಖಜಾನೆಯಿಂದ ನೇರವಾಗಿ ಜಮೆ ಮಾಡಲಾಗಿದೆ.

ಮಾನ್ಯ ಮುಖ್ಯಮಂತ್ರಿ ಸಿದ್ದರಾಮಯ್ಯ ನೇತೃತ್ವದ ಸರ್ಕಾರ ಅನ್ನಭಾಗ್ಯ ಯೋಜನೆ ಜಾರಿಗೆ ತಂದಿತು, ಈ ಯೋಜನೆಯಡಿ 72.02 ಕೋಟಿ ಕುಟುಂಬಗಳಿಗೆ 11,821.17 ಕೋಟಿ ವೆಚ್ಚದ ಪಡಿತರ ನೀಡಲಾಗಿದೆ. ಶಕ್ತಿ ಯೋಜನೆಯಡಿ 537.44 ಕೋಟಿ ಉಚಿತ ಬಸ್ ಟಿಕೆಟ್ ಪಡೆದು ರಾಜ್ಯದ ಮಹಿಳೆಯರು ಪ್ರಯಾಣ ಮಾಡಿದ್ದಾರೆ. ಇದಕ್ಕಾಗಿ ರಾಜ್ಯ ಸರ್ಕಾರ ಈ ವರೆಗೆ 13,714.65 ಕೋಟಿ ಹಣವನ್ನು ಭರಿಸಿದೆ. ಯುವನಿಧಿ ಯೋಜನೆಯಡಿ 2.55 ಲಕ್ಷ ಉದ್ಯೋಗಾಕಾಂಕ್ಷಿಗಳಿಗೆ 622.96 ಕೋಟಿ ಉದ್ಯೋಗ ಉದ್ಯೋಗ ಭತ್ಯೆಯನ್ನು ನೀಡಿ ಪ್ರೋತ್ಸಾಹ ನೀಡಿದೆ. ಈ ಎಲ್ಲಾ ಯೋಜನೆಗಳ ಫಲಶೃತಿಯೇ ತಲಾದಾಯ ಹೆಚ್ಚಳವಾಗಲಿಕ್ಕೆ ಕಾರಣವಾಗಿದೆ ಎಂದು ತಿಳಿಸಿದರು.

ಗ್ಯಾರಂಟಿ ಯೋಜನೆಗಳ ಅನುಷ್ಠಾನ ಸಮಿತಿ

ಮೂಲಕವೂ, ಗ್ಯಾರಂಟಿ ಯೋಜನೆಗಳು ಇಡೀ ದೇಶಕ್ಕೆ ಮಾದರಿಯಾಗಿವೆ. ಇತರ ರಾಜ್ಯಗಳು ಕರ್ನಾಟಕದ ಈ ಯೋಜನೆಗಳನ್ನು ಅಳವಡಿಸಿಕೊಳ್ಳುತ್ತಿದ್ದಾರೆ. ವಿರೋಧಿಸುತ್ತಿದ್ದವರು ಸಹ ಒಪ್ಪಿಕೊಂಡಿರುವಂತಹ ಯೋಜನೆಗಳು ಯಾವುದಾದರೂ ದೇಶದಲ್ಲಿ ಇದ್ದರೆ ಅವು ಪಂಚ ಗ್ಯಾರಂಟಿ ಯೋಜನೆಗಳು ಎಂದು ತಿಳಿಸಿದರು.

ಈ ವೇಳೆ ಪಂಚ ಗ್ಯಾರಂಟಿ ಯೋಜನೆಗಳ ಅನುಷ್ಠಾನ ಪ್ರಾಧಿಕಾರದ ಉಪಾಧ್ಯಕ್ಷರಾದ ಪುಷ್ಪ ಅಮರನಾಥ್, ಪಾಟೀಲ್, ದಿನೇಶ್ ಗೌಡ, ಜಿಲ್ಲಾ ಉಸ್ತುವಾರಿ ಕಾರ್ಯದರ್ಶಿ ಎನ್ ಮಂಜುಳಾ, ಜಿಲ್ಲಾಧಿಕಾರಿ ಪಿ.ಎನ್ ರವೀಂದ್ರ ಉಪಸ್ಥಿತರಿದ್ದರು.

ರವೀಂದ್ರ, ಜಿಲ್ಲಾ ಪಂಚಾಯತ್ ಮುಖ್ಯ ಕಾರ್ಯನಿರ್ವಾಹಕ ಅಧಿಕಾರಿ ಡಾ.ನವೀನ್ ಭಟ್, ಜಿಲ್ಲಾ ಪೊಲೀಸ್ ವರಿಷ್ಠಾಧಿಕಾರಿ ಕುಶಲ್ ಚೌಕ್ಸೆ, ಅಪರ ಜಿಲ್ಲಾಧಿಕಾರಿ ಡಾ.ಎನ್. ಭಾಸ್ಕರ್ ಚಿಕ್ಕಬಳ್ಳಾಪುರ ಜಿಲ್ಲಾ ಗ್ಯಾರಂಟಿ ಪ್ರಾಧಿಕಾರ ಜಿಲ್ಲಾಧ್ಯಕ್ಷ ಎಲ್ಲವಹಳ್ಳಿ ಎನ್ ರಮೇಶ್ ಚಿಕ್ಕಬಳ್ಳಾಪುರ ನಗರತನ ಪ್ರಾಧಿಕಾರದ ಜಿಲ್ಲಾಧ್ಯಕ್ಷ ಕೆಎನ್ ಕೇಶವ ರೆಡ್ಡಿ ಜಿಲ್ಲಾ ಪಂಚಾಯತ್ ಮಾಜಿ ಅಧ್ಯಕ್ಷ ಗಂಗರೇ ಕಾಲುವೆ ನಾರಾಯಣಸ್ವಾಮಿ, ಹಾಗೂ ಜಿಲ್ಲಾ ಮತ್ತು ತಾಲೂಕು ಮಟ್ಟದ ಗ್ಯಾರಂಟಿ ಯೋಜನೆಗಳ ಸಮಿತಿಯ ಅಧ್ಯಕ್ಷರು, ಉಪಾಧ್ಯಕ್ಷರು, ಸದಸ್ಯರು, ಜಿಲ್ಲಾ ಹಾಗೂ ತಾಲೂಕು ಮಟ್ಟದ ಅಧಿಕಾರಿಗಳು ಉಪಸ್ಥಿತರಿದ್ದರು.
